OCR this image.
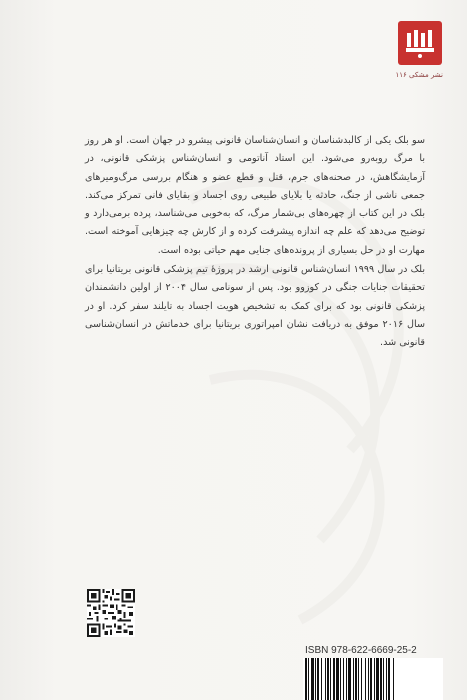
نشر مشکی ۱۱۶

سو بلک یکی از کالبدشناسان و انسان‌شناسان قانونی پیشرو در جهان است. او هر روز با مرگ روبه‌رو می‌شود. این استاد آناتومی و انسان‌شناس پزشکی قانونی، در آزمایشگاهش، در صحنه‌های جرم، قتل و قطع عضو و هنگام بررسی مرگ‌ومیرهای جمعی ناشی از جنگ، حادثه یا بلایای طبیعی روی اجساد و بقایای فانی تمرکز می‌کند. بلک در این کتاب از چهره‌های بی‌شمار مرگ، که به‌خوبی می‌شناسد، پرده برمی‌دارد و توضیح می‌دهد که علم چه اندازه پیشرفت کرده و از کارش چه چیزهایی آموخته است. مهارت او در حل بسیاری از پرونده‌های جنایی مهم حیاتی بوده است.

بلک در سال ۱۹۹۹ انسان‌شناس قانونی ارشد در پروژهٔ تیم پزشکی قانونی بریتانیا برای تحقیقات جنایات جنگی در کوزوو بود. پس از سونامی سال ۲۰۰۴ از اولین دانشمندان پزشکی قانونی بود که برای کمک به تشخیص هویت اجساد به تایلند سفر کرد. او در سال ۲۰۱۶ موفق به دریافت نشان امپراتوری بریتانیا برای خدماتش در انسان‌شناسی قانونی شد.

ISBN 978-622-6669-25-2
